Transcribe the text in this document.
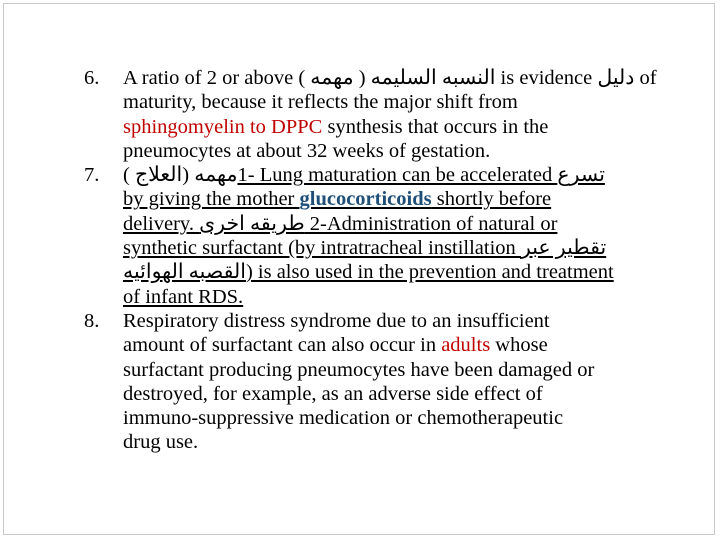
6. A ratio of 2 or above ( مهمه ) النسبه السليمه is evidence دليل of
maturity, because it reflects the major shift from
sphingomyelin to DPPC synthesis that occurs in the
pneumocytes at about 32 weeks of gestation.
7. ( العلاج) مهمه1- Lung maturation can be accelerated تسرع
by giving the mother glucocorticoids shortly before
delivery. طريقه اخرى 2-Administration of natural or
synthetic surfactant (by intratracheal instillation تقطير عبر
القصبه الهوائيه) is also used in the prevention and treatment
of infant RDS.
8. Respiratory distress syndrome due to an insufficient
amount of surfactant can also occur in adults whose
surfactant producing pneumocytes have been damaged or
destroyed, for example, as an adverse side effect of
immuno-suppressive medication or chemotherapeutic
drug use.
